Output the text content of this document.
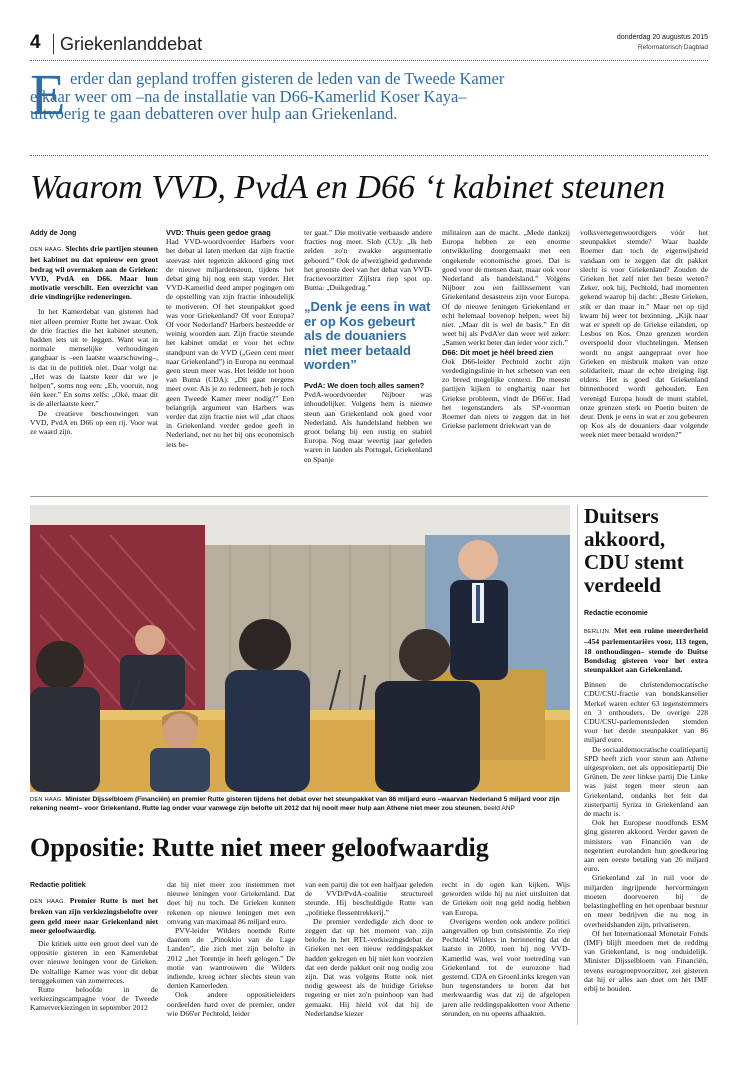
4 Griekenlanddebat	donderdag 20 augustus 2015
Reformatorisch Dagblad
E erder dan gepland troffen gisteren de leden van de Tweede Kamer elkaar weer om –na de installatie van D66-Kamerlid Koser Kaya– uitvoerig te gaan debatteren over hulp aan Griekenland.
Waarom VVD, PvdA en D66 ‘t kabinet steunen

Addy de Jong

DEN HAAG. Slechts drie partijen steunen het kabinet nu dat opnieuw een groot bedrag wil overmaken aan de Grieken: VVD, PvdA en D66. Maar hun motivatie verschilt. Een overzicht van drie vindingrijke redeneringen.

In het Kamerdebat van gisteren had niet alleen premier Rutte het zwaar. Ook de drie fracties die het kabinet steunen, hadden iets uit te leggen. Want wat in normale menselijke verhoudingen gangbaar is –een laatste waarschuwing–, is dat in de politiek niet. Daar volgt na: „Het was de laatste keer dat we je helpen”, soms nog een: „Eh, vooruit, nog één keer.” En soms zelfs: „Oké, maar dit is de allerlaatste keer.”

De creatieve beschouwingen van VVD, PvdA en D66 op een rij. Voor wat ze waard zijn.

VVD: Thuis geen gedoe graag

Had VVD-woordvoerder Harbers voor het debat al laten merken dat zijn fractie steevast niet tegenzin akkoord ging met de nieuwe miljardensteun, tijdens het debat ging hij nog een stap verder. Het VVD-Kamerlid deed amper pogingen om de opstelling van zijn fractie inhoudelijk te motiveren. Of het steunpakket goed was voor Griekenland? Of voor Europa? Of voor Nederland? Harbers besteedde er weinig woorden aan. Zijn fractie steunde het kabinet omdat er voor het echte standpunt van de VVD („Geen cent meer naar Griekenland”) in Europa nu eenmaal geen steun meer was. Het leidde tot hoon van Buma (CDA): „Dit gaat nergens meer over. Als je zo redeneert, heb je toch geen Tweede Kamer meer nodig?” Een belangrijk argument van Harbers was verder dat zijn fractie niet wil „dat chaos in Griekenland verder gedoe geeft in Nederland, net nu het bij ons economisch iets be-

ter gaat.” Die motivatie verbaasde andere fracties nog meer. Slob (CU): „Ik heb zelden zo'n zwakke argumentatie gehoord.” Ook de afwezigheid gedurende het grootste deel van het debat van VVD-fractievoorzitter Zijlstra riep spot op. Buma: „Duikgedrag.”

„Denk je eens in wat er op Kos gebeurt als de douaniers niet meer betaald worden”

PvdA: We doen toch alles samen?

PvdA-woordvoerder Nijboer was inhoudelijker. Volgens hem is nieuwe steun aan Griekenland ook goed voor Nederland. Als handelsland hebben we groot belang bij een rustig en stabiel Europa. Nog maar weertig jaar geleden waren in landen als Portugal, Griekenland en Spanje

militairen aan de macht. „Mede dankzij Europa hebben ze een enorme ontwikkeling doorgemaakt met een ongekende economische groei. Dat is goed voor de mensen daar, maar ook voor Nederland als handelsland.” Volgens Nijboer zou een faillissement van Griekenland desastreus zijn voor Europa. Of de nieuwe leningen Griekenland er echt helemaal bovenop helpen, weet hij niet. „Maar dit is wel de basis.” En dit weet hij als PvdA'er dan weer wel zeker: „Samen werkt beter dan ieder voor zich.”

D66: Dit moet je héél breed zien

Ook D66-leider Pechtold zocht zijn verdedigingslinie in het schetsen van een zo breed mogelijke context. De meeste partijen kijken te enghartig naar het Griekse probleem, vindt de D66'er. Had het tegenstanders als SP-voorman Roemer dan niets te zeggen dat in het Griekse parlement driekwart van de

volksvertegenwoordigers vóór het steunpakket stemde? Waar haalde Roemer dan toch de eigenwijsheid vandaan om te zeggen dat dit pakket slecht is voor Griekenland? Zouden de Grieken het zelf niet het beste weten? Zeker, ook hij, Pechtold, had momenten gekend waarop hij dacht: „Beste Grieken, stik er dan maar in.” Maar net op tijd kwam hij weer tot bezinning. „Kijk naar wat er speelt op de Griekse eilanden, op Lesbos en Kos. Onze grenzen worden overspoeld door vluchtelingen. Mensen wordt nu angst aangepraat over hoe Grieken en misbruik maken van onze solidariteit, maar de echte dreiging ligt elders. Het is goed dat Griekenland binnenboord wordt gehouden. Een verenigd Europa houdt de munt stabiel, onze grenzen sterk en Poetin buiten de deur. Denk je eens in wat er zou gebeuren op Kos als de douaniers daar volgende week niet meer betaald worden?”

DEN HAAG. Minister Dijsselbloem (Financiën) en premier Rutte gisteren tijdens het debat over het steunpakket van 86 miljard euro –waarvan Nederland 5 miljard voor zijn rekening neemt– voor Griekenland. Rutte lag onder vuur vanwege zijn belofte uit 2012 dat hij nooit meer hulp aan Athene niet meer zou steunen. beeld ANP
Duitsers akkoord, CDU stemt verdeeld

Redactie economie

BERLIJN. Met een ruime meerderheid –454 parlementariërs voor, 113 tegen, 18 onthoudingen– stemde de Duitse Bondsdag gisteren voor het extra steunpakket aan Griekenland.

Binnen de christendemocratische CDU/CSU-fractie van bondskanselier Merkel waren echter 63 tegenstemmers en 3 onthouders. De overige 228 CDU/CSU-parlementsleden stemden voor het derde steunpakket van 86 miljard euro.

De sociaaldemocratische coalitiepartij SPD heeft zich voor steun aan Athene uitgesproken, net als oppositiepartij Die Grünen. De zeer linkse partij Die Linke was juist tegen meer steun aan Griekenland, ondanks het feit dat zusterpartij Syriza in Griekenland aan de macht is.

Ook het Europese noodfonds ESM ging gisteren akkoord. Verder gaven de ministers van Financiën van de negentien eurolanden hun goedkeuring aan een eerste betaling van 26 miljard euro.

Griekenland zal in ruil voor de miljarden ingrijpende hervormingen moeten doorvoeren bij de belastingheffing en het openbaar bestuur en meer bedrijven die nu nog in overheidshanden zijn, privatiseren.

Of het Internationaal Monetair Fonds (IMF) blijft meedoen met de redding van Griekenland, is nog onduidelijk. Minister Dijsselbloem van Financiën, tevens eurogroepvoorzitter, zei gisteren dat hij er alles aan doet om het IMF erbij te houden.

Oppositie: Rutte niet meer geloofwaardig

Redactie politiek

DEN HAAG. Premier Rutte is met het breken van zijn verkiezingsbelofte over geen geld meer naar Griekenland niet meer geloofwaardig.

Die kritiek uitte een groot deel van de oppositie gisteren in een Kamerdebat over nieuwe leningen voor de Grieken. De voltallige Kamer was voor dit debat teruggekomen van zomerreces.

Rutte beloofde in de verkiezingscampagne voor de Tweede Kamerverkiezingen in september 2012

dat hij niet meer zou instemmen met nieuwe leningen voor Griekenland. Dat doet hij nu toch. De Grieken kunnen rekenen op nieuwe leningen met een omvang van maximaal 86 miljard euro.

PVV-leider Wilders noemde Rutte daarom de „Pinokkio van de Lage Landen”, die zich met zijn belofte in 2012 „het Torentje in heeft gelogen.” De motie van wantrouwen die Wilders indiende, kreeg echter slechts steun van dertien Kamerleden.

Ook andere oppositieleiders oordeelden hard over de premier, onder wie D66'er Pechtold, leider

van een partij die tot een halfjaar geleden de VVD/PvdA-coalitie structureel steunde. Hij beschuldigde Rutte van „politieke flessentrekkerij.”

De premier verdedigde zich door te zeggen dat op het moment van zijn belofte in het RTL-verkiezingsdebat de Grieken net een nieuw reddingspakket hadden gekregen en hij niet kon voorzien dat een derde pakket ooit nog nodig zou zijn. Dat was volgens Rutte ook niet nodig geweest als de huidige Griekse regering er niet zo'n puinhoop van had gemaakt. Hij hield vol dat hij de Nederlandse kiezer

recht in de ogen kan kijken. Wijs geworden wilde hij nu niet uitsluiten dat de Grieken ooit nog geld nodig hebben van Europa.

Overigens werden ook andere politici aangevallen op hun consistentie. Zo riep Pechtold Wilders in herinnering dat de laatste in 2000, toen hij nog VVD-Kamerlid was, wel voor toetreding van Griekenland tot de eurozone had gestemd. CDA en GroenLinks kregen van hun tegenstanders te horen dat het merkwaardig was dat zij de afgelopen jaren alle reddingspakketten voor Athene steunden, en nu opeens afhaakten.
